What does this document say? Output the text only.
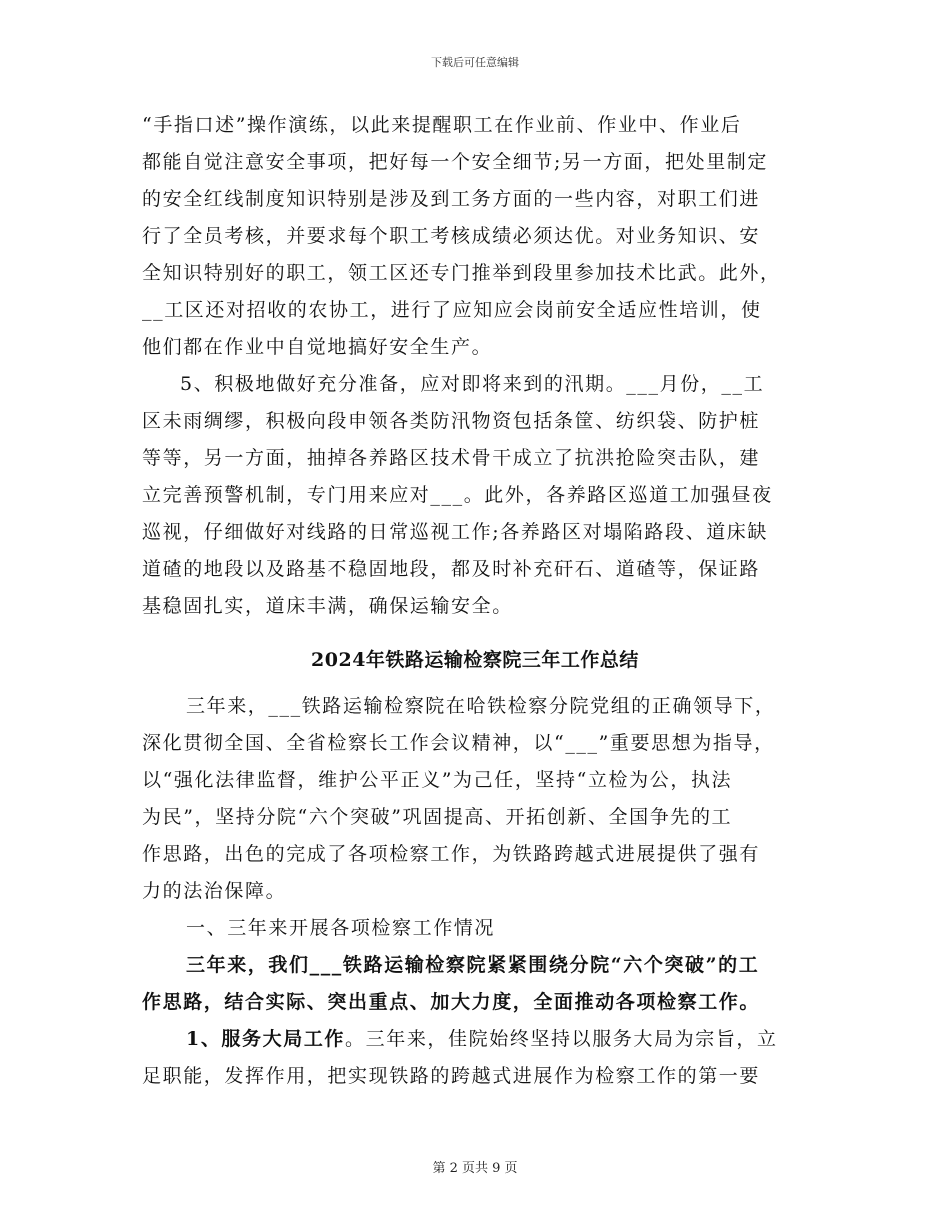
下载后可任意编辑
“手指口述”操作演练，以此来提醒职工在作业前、作业中、作业后
都能自觉注意安全事项，把好每一个安全细节;另一方面，把处里制定
的安全红线制度知识特别是涉及到工务方面的一些内容，对职工们进
行了全员考核，并要求每个职工考核成绩必须达优。对业务知识、安
全知识特别好的职工，领工区还专门推举到段里参加技术比武。此外，
__工区还对招收的农协工，进行了应知应会岗前安全适应性培训，使
他们都在作业中自觉地搞好安全生产。
5、积极地做好充分准备，应对即将来到的汛期。___月份，__工
区未雨绸缪，积极向段申领各类防汛物资包括条筐、纺织袋、防护桩
等等，另一方面，抽掉各养路区技术骨干成立了抗洪抢险突击队，建
立完善预警机制，专门用来应对___。此外，各养路区巡道工加强昼夜
巡视，仔细做好对线路的日常巡视工作;各养路区对塌陷路段、道床缺
道碴的地段以及路基不稳固地段，都及时补充矸石、道碴等，保证路
基稳固扎实，道床丰满，确保运输安全。
2024年铁路运输检察院三年工作总结
三年来，___铁路运输检察院在哈铁检察分院党组的正确领导下，
深化贯彻全国、全省检察长工作会议精神，以“___”重要思想为指导，
以“强化法律监督，维护公平正义”为己任，坚持“立检为公，执法
为民”，坚持分院“六个突破”巩固提高、开拓创新、全国争先的工
作思路，出色的完成了各项检察工作，为铁路跨越式进展提供了强有
力的法治保障。
一、三年来开展各项检察工作情况
三年来，我们___铁路运输检察院紧紧围绕分院“六个突破”的工
作思路，结合实际、突出重点、加大力度，全面推动各项检察工作。
1、服务大局工作。三年来，佳院始终坚持以服务大局为宗旨，立
足职能，发挥作用，把实现铁路的跨越式进展作为检察工作的第一要
第 2 页共 9 页
